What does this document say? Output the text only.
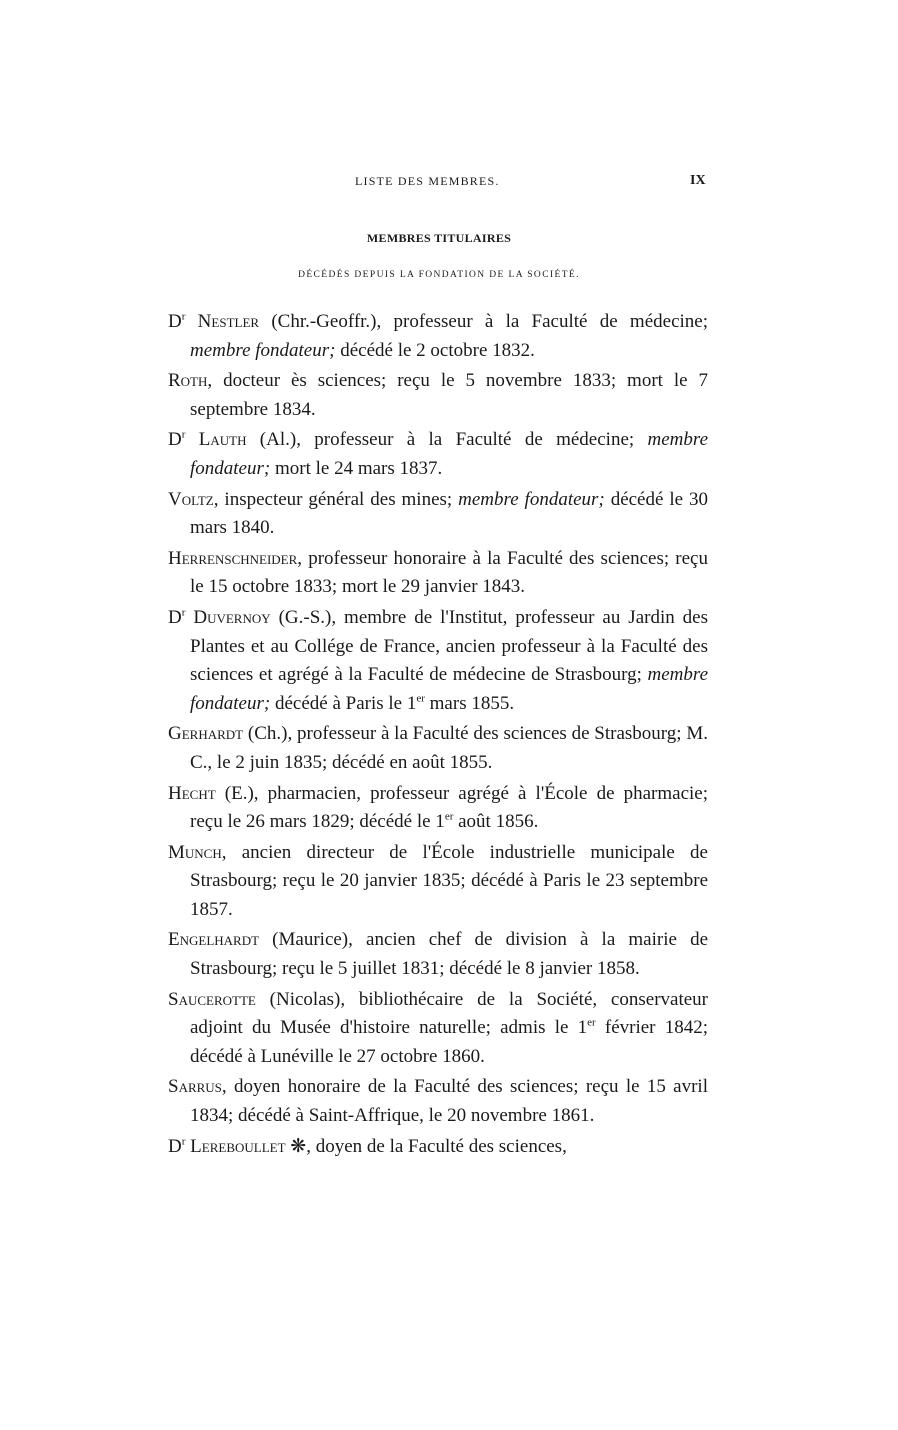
LISTE DES MEMBRES.	IX
MEMBRES TITULAIRES
DÉCÉDÉS DEPUIS LA FONDATION DE LA SOCIÉTÉ.

$D^r$ Nestler (Chr.-Geoffr.), professeur à la Faculté de médecine; membre fondateur; décédé le 2 octobre 1832.

Roth, docteur ès sciences; reçu le 5 novembre 1833; mort le 7 septembre 1834.

$D^r$ Lauth (Al.), professeur à la Faculté de médecine; membre fondateur; mort le 24 mars 1837.

Voltz, inspecteur général des mines; membre fondateur; décédé le 30 mars 1840.

Herrenschneider, professeur honoraire à la Faculté des sciences; reçu le 15 octobre 1833; mort le 29 janvier 1843.

$D^r$ Duvernoy (G.-S.), membre de l'Institut, professeur au Jardin des Plantes et au Collége de France, ancien professeur à la Faculté des sciences et agrégé à la Faculté de médecine de Strasbourg; membre fondateur; décédé à Paris le 1er mars 1855.

Gerhardt (Ch.), professeur à la Faculté des sciences de Strasbourg; M. C., le 2 juin 1835; décédé en août 1855.

Hecht (E.), pharmacien, professeur agrégé à l'École de pharmacie; reçu le 26 mars 1829; décédé le 1er août 1856.

Munch, ancien directeur de l'École industrielle municipale de Strasbourg; reçu le 20 janvier 1835; décédé à Paris le 23 septembre 1857.

Engelhardt (Maurice), ancien chef de division à la mairie de Strasbourg; reçu le 5 juillet 1831; décédé le 8 janvier 1858.

Saucerotte (Nicolas), bibliothécaire de la Société, conservateur adjoint du Musée d'histoire naturelle; admis le 1er février 1842; décédé à Lunéville le 27 octobre 1860.

Sarrus, doyen honoraire de la Faculté des sciences; reçu le 15 avril 1834; décédé à Saint-Affrique, le 20 novembre 1861.

$D^r$ Lereboullet ❋, doyen de la Faculté des sciences,
